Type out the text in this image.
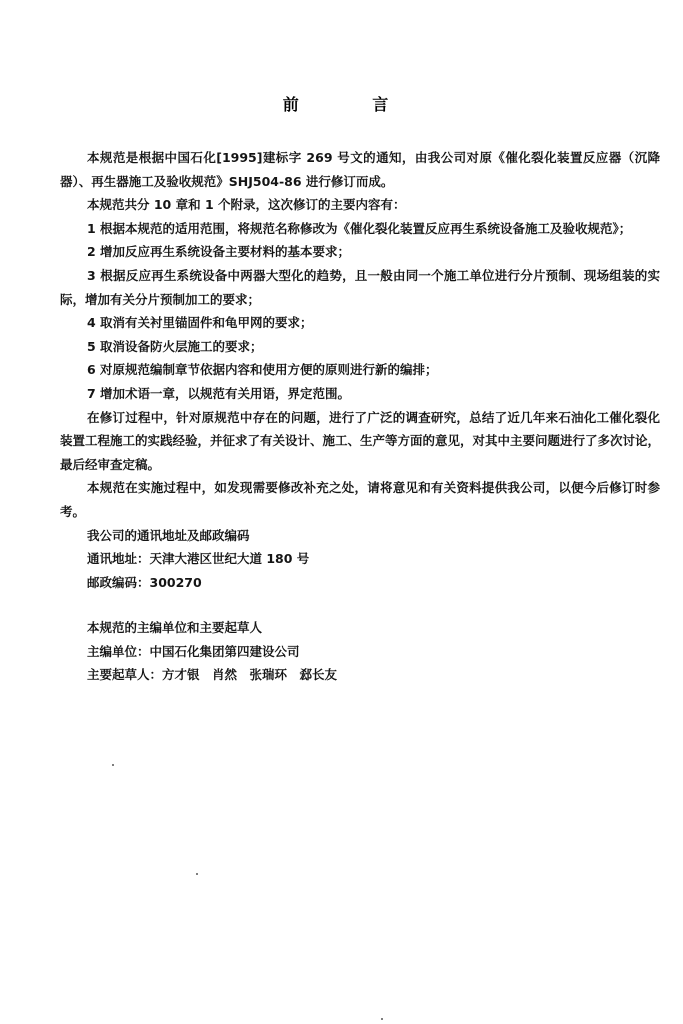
前 言

本规范是根据中国石化[1995]建标字 269 号文的通知，由我公司对原《催化裂化装置反应器（沉降器）、再生器施工及验收规范》SHJ504-86 进行修订而成。

本规范共分 10 章和 1 个附录，这次修订的主要内容有：

1 根据本规范的适用范围，将规范名称修改为《催化裂化装置反应再生系统设备施工及验收规范》；

2 增加反应再生系统设备主要材料的基本要求；

3 根据反应再生系统设备中两器大型化的趋势，且一般由同一个施工单位进行分片预制、现场组装的实际，增加有关分片预制加工的要求；

4 取消有关衬里锚固件和龟甲网的要求；

5 取消设备防火层施工的要求；

6 对原规范编制章节依据内容和使用方便的原则进行新的编排；

7 增加术语一章，以规范有关用语，界定范围。

在修订过程中，针对原规范中存在的问题，进行了广泛的调查研究，总结了近几年来石油化工催化裂化装置工程施工的实践经验，并征求了有关设计、施工、生产等方面的意见，对其中主要问题进行了多次讨论，最后经审查定稿。

本规范在实施过程中，如发现需要修改补充之处，请将意见和有关资料提供我公司，以便今后修订时参考。

我公司的通讯地址及邮政编码

通讯地址：天津大港区世纪大道 180 号

邮政编码：300270

本规范的主编单位和主要起草人

主编单位：中国石化集团第四建设公司

主要起草人：方才银　肖然　张瑞环　郄长友
